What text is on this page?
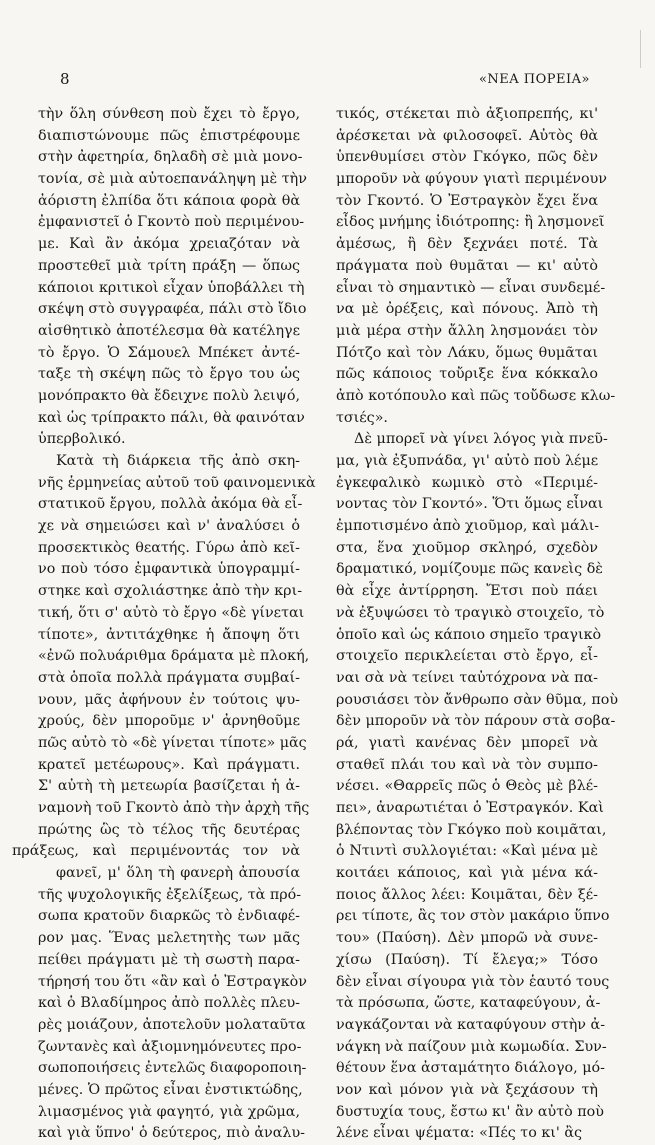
8	«ΝΕΑ ΠΟΡΕΙΑ»
τὴν ὅλη σύνθεση ποὺ ἔχει τὸ ἔργο,
διαπιστώνουμε πῶς ἐπιστρέφουμε
στὴν ἀφετηρία, δηλαδὴ σὲ μιὰ μονο-
τονία, σὲ μιὰ αὐτοεπανάληψη μὲ τὴν
ἀόριστη ἐλπίδα ὅτι κάποια φορὰ θὰ
ἐμφανιστεῖ ὁ Γκοντὸ ποὺ περιμένου-
με. Καὶ ἂν ἀκόμα χρειαζόταν νὰ
προστεθεῖ μιὰ τρίτη πράξη — ὅπως
κάποιοι κριτικοὶ εἶχαν ὑποβάλλει τὴ
σκέψη στὸ συγγραφέα, πάλι στὸ ἴδιο
αἰσθητικὸ ἀποτέλεσμα θὰ κατέληγε
τὸ ἔργο. Ὁ Σάμουελ Μπέκετ ἀντέ-
ταξε τὴ σκέψη πῶς τὸ ἔργο του ὡς
μονόπρακτο θὰ ἔδειχνε πολὺ λειψό,
καὶ ὡς τρίπρακτο πάλι, θὰ φαινόταν
ὑπερβολικό.
Κατὰ τὴ διάρκεια τῆς ἀπὸ σκη-
νῆς ἑρμηνείας αὐτοῦ τοῦ φαινομενικὰ
στατικοῦ ἔργου, πολλὰ ἀκόμα θὰ εἶ-
χε νὰ σημειώσει καὶ ν' ἀναλύσει ὁ
προσεκτικὸς θεατής. Γύρω ἀπὸ κεῖ-
νο ποὺ τόσο ἐμφαντικὰ ὑπογραμμί-
στηκε καὶ σχολιάστηκε ἀπὸ τὴν κρι-
τική, ὅτι σ' αὐτὸ τὸ ἔργο «δὲ γίνεται
τίποτε», ἀντιτάχθηκε ἡ ἄποψη ὅτι
«ἐνῶ πολυάριθμα δράματα μὲ πλοκή,
στὰ ὁποῖα πολλὰ πράγματα συμβαί-
νουν, μᾶς ἀφήνουν ἐν τούτοις ψυ-
χρούς, δὲν μποροῦμε ν' ἀρνηθοῦμε
πῶς αὐτὸ τὸ «δὲ γίνεται τίποτε» μᾶς
κρατεῖ μετέωρους». Καὶ πράγματι.
Σ' αὐτὴ τὴ μετεωρία βασίζεται ἡ ἀ-
ναμονὴ τοῦ Γκοντὸ ἀπὸ τὴν ἀρχὴ τῆς
πρώτης ὣς τὸ τέλος τῆς δευτέρας
πράξεως, καὶ περιμένοντάς τον νὰ
φανεῖ, μ' ὅλη τὴ φανερὴ ἀπουσία
τῆς ψυχολογικῆς ἐξελίξεως, τὰ πρό-
σωπα κρατοῦν διαρκῶς τὸ ἐνδιαφέ-
ρον μας. Ἕνας μελετητὴς των μᾶς
πείθει πράγματι μὲ τὴ σωστὴ παρα-
τήρησή του ὅτι «ἂν καὶ ὁ Ἐστραγκὸν
καὶ ὁ Βλαδίμηρος ἀπὸ πολλὲς πλευ-
ρὲς μοιάζουν, ἀποτελοῦν μολαταῦτα
ζωντανὲς καὶ ἀξιομνημόνευτες προ-
σωποποιήσεις ἐντελῶς διαφοροποιη-
μένες. Ὁ πρῶτος εἶναι ἐνστικτώδης,
λιμασμένος γιὰ φαγητό, γιὰ χρῶμα,
καὶ γιὰ ὕπνο' ὁ δεύτερος, πιὸ ἀναλυ-
τικός, στέκεται πιὸ ἀξιοπρεπής, κι'
ἀρέσκεται νὰ φιλοσοφεῖ. Αὐτὸς θὰ
ὑπενθυμίσει στὸν Γκόγκο, πῶς δὲν
μποροῦν νὰ φύγουν γιατὶ περιμένουν
τὸν Γκοντό. Ὁ Ἐστραγκὸν ἔχει ἕνα
εἶδος μνήμης ἰδιότροπης: ἢ λησμονεῖ
ἀμέσως, ἢ δὲν ξεχνάει ποτέ. Τὰ
πράγματα ποὺ θυμᾶται — κι' αὐτὸ
εἶναι τὸ σημαντικὸ — εἶναι συνδεμέ-
να μὲ ὀρέξεις, καὶ πόνους. Ἀπὸ τὴ
μιὰ μέρα στὴν ἄλλη λησμονάει τὸν
Πότζο καὶ τὸν Λάκυ, ὅμως θυμᾶται
πῶς κάποιος τοὔριξε ἕνα κόκκαλο
ἀπὸ κοτόπουλο καὶ πῶς τοὔδωσε κλω-
τσιές».
Δὲ μπορεῖ νὰ γίνει λόγος γιὰ πνεῦ-
μα, γιὰ ἐξυπνάδα, γι' αὐτὸ ποὺ λέμε
ἐγκεφαλικὸ κωμικὸ στὸ «Περιμέ-
νοντας τὸν Γκοντό». Ὅτι ὅμως εἶναι
ἐμποτισμένο ἀπὸ χιοῦμορ, καὶ μάλι-
στα, ἕνα χιοῦμορ σκληρό, σχεδὸν
δραματικό, νομίζουμε πῶς κανεὶς δὲ
θὰ εἶχε ἀντίρρηση. Ἔτσι ποὺ πάει
νὰ ἐξυψώσει τὸ τραγικὸ στοιχεῖο, τὸ
ὁποῖο καὶ ὡς κάποιο σημεῖο τραγικὸ
στοιχεῖο περικλείεται στὸ ἔργο, εἶ-
ναι σὰ νὰ τείνει ταὐτόχρονα νὰ πα-
ρουσιάσει τὸν ἄνθρωπο σὰν θῦμα, ποὺ
δὲν μποροῦν νὰ τὸν πάρουν στὰ σοβα-
ρά, γιατὶ κανένας δὲν μπορεῖ νὰ
σταθεῖ πλάι του καὶ νὰ τὸν συμπο-
νέσει. «Θαρρεῖς πῶς ὁ Θεὸς μὲ βλέ-
πει», ἀναρωτιέται ὁ Ἐστραγκόν. Καὶ
βλέποντας τὸν Γκόγκο ποὺ κοιμᾶται,
ὁ Ντιντὶ συλλογιέται: «Καὶ μένα μὲ
κοιτάει κάποιος, καὶ γιὰ μένα κά-
ποιος ἄλλος λέει: Κοιμᾶται, δὲν ξέ-
ρει τίποτε, ἂς τον στὸν μακάριο ὕπνο
του» (Παύση). Δὲν μπορῶ νὰ συνε-
χίσω (Παύση). Τί ἔλεγα;» Τόσο
δὲν εἶναι σίγουρα γιὰ τὸν ἑαυτό τους
τὰ πρόσωπα, ὥστε, καταφεύγουν, ἀ-
ναγκάζονται νὰ καταφύγουν στὴν ἀ-
νάγκη νὰ παίζουν μιὰ κωμωδία. Συν-
θέτουν ἕνα ἀσταμάτητο διάλογο, μό-
νον καὶ μόνον γιὰ νὰ ξεχάσουν τὴ
δυστυχία τους, ἔστω κι' ἂν αὐτὸ ποὺ
λένε εἶναι ψέματα: «Πές το κι' ἂς
